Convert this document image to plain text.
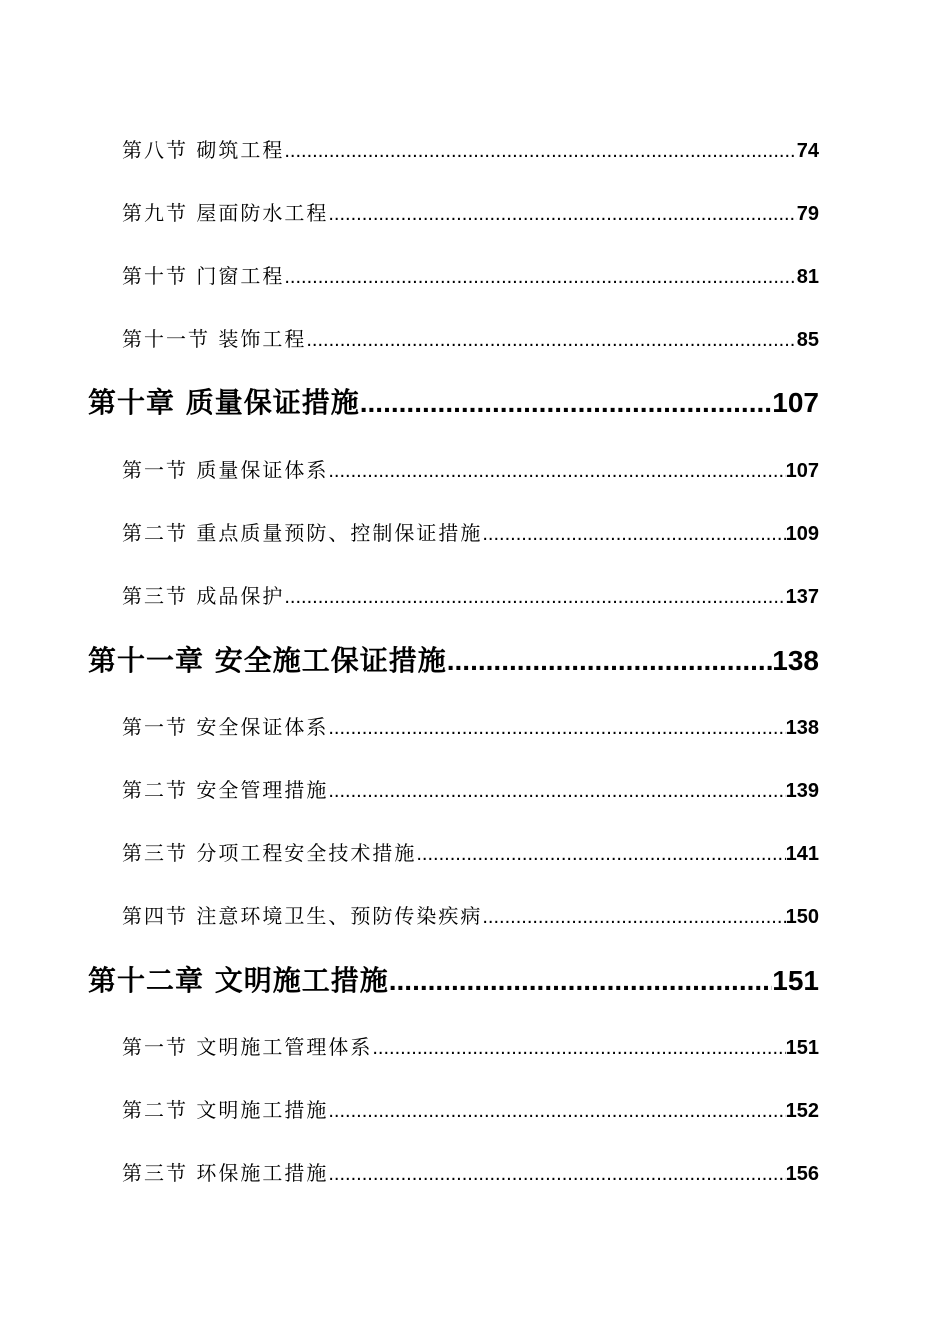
第八节 砌筑工程 .....	74
第九节 屋面防水工程 .....	79
第十节 门窗工程 .....	81
第十一节 装饰工程 .....	85
第十章 质量保证措施 .....	107
第一节 质量保证体系 .....	107
第二节 重点质量预防、控制保证措施 .....	109
第三节 成品保护 .....	137
第十一章 安全施工保证措施 .....	138
第一节 安全保证体系 .....	138
第二节 安全管理措施 .....	139
第三节 分项工程安全技术措施 .....	141
第四节 注意环境卫生、预防传染疾病 .....	150
第十二章 文明施工措施 .....	151
第一节 文明施工管理体系 .....	151
第二节 文明施工措施 .....	152
第三节 环保施工措施 .....	156
